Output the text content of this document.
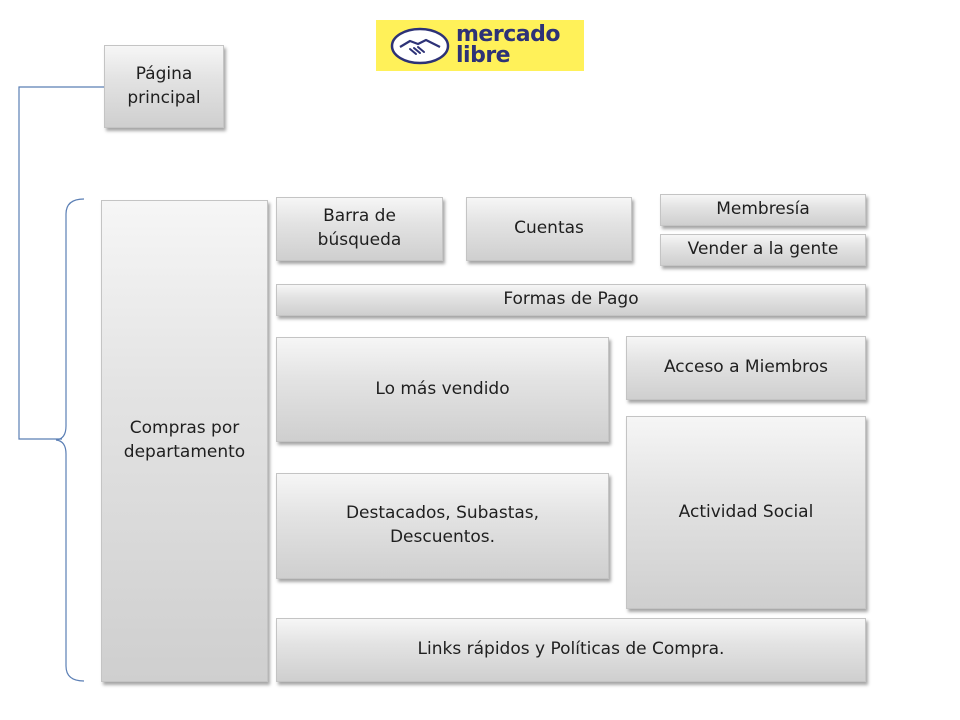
mercado
libre
Página principal
Compras por departamento
Barra de búsqueda
Cuentas
Membresía
Vender a la gente
Formas de Pago
Lo más vendido
Acceso a Miembros
Destacados, Subastas, Descuentos.
Actividad Social
Links rápidos y Políticas de Compra.
